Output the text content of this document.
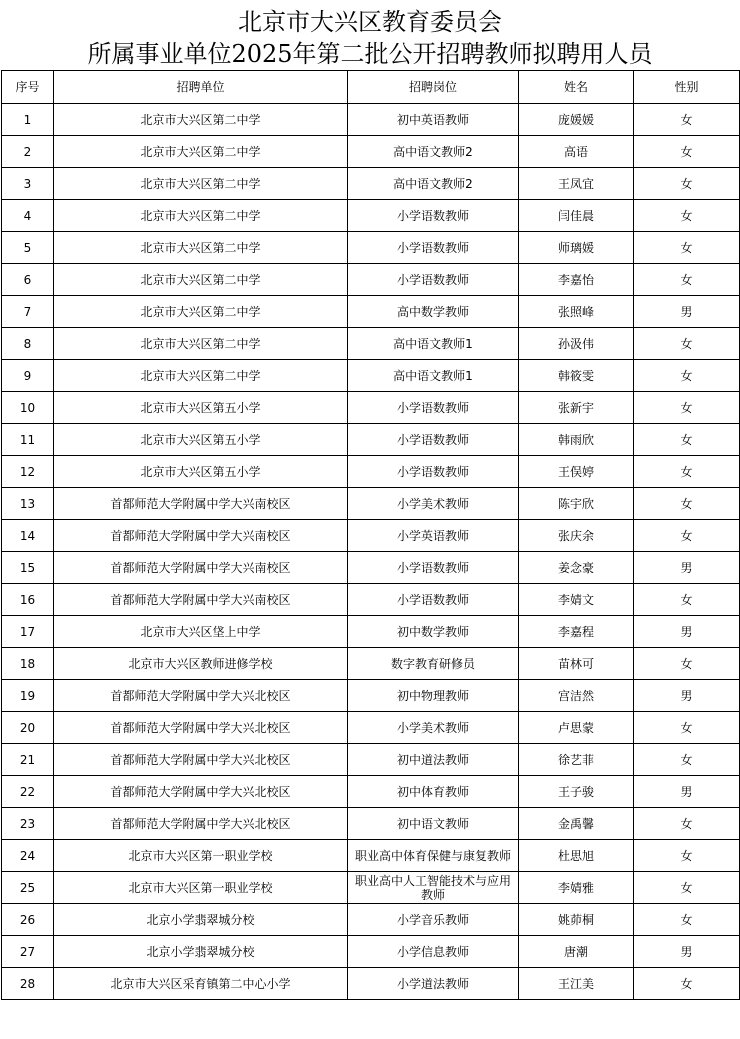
北京市大兴区教育委员会
所属事业单位2025年第二批公开招聘教师拟聘用人员
序号	招聘单位	招聘岗位	姓名	性别
1	北京市大兴区第二中学	初中英语教师	庞媛媛	女
2	北京市大兴区第二中学	高中语文教师2	高语	女
3	北京市大兴区第二中学	高中语文教师2	王凤宜	女
4	北京市大兴区第二中学	小学语数教师	闫佳晨	女
5	北京市大兴区第二中学	小学语数教师	师璃媛	女
6	北京市大兴区第二中学	小学语数教师	李嘉怡	女
7	北京市大兴区第二中学	高中数学教师	张照峰	男
8	北京市大兴区第二中学	高中语文教师1	孙汲伟	女
9	北京市大兴区第二中学	高中语文教师1	韩筱雯	女
10	北京市大兴区第五小学	小学语数教师	张新宇	女
11	北京市大兴区第五小学	小学语数教师	韩雨欣	女
12	北京市大兴区第五小学	小学语数教师	王俣婷	女
13	首都师范大学附属中学大兴南校区	小学美术教师	陈宇欣	女
14	首都师范大学附属中学大兴南校区	小学英语教师	张庆余	女
15	首都师范大学附属中学大兴南校区	小学语数教师	姜念豪	男
16	首都师范大学附属中学大兴南校区	小学语数教师	李婧文	女
17	北京市大兴区垡上中学	初中数学教师	李嘉程	男
18	北京市大兴区教师进修学校	数字教育研修员	苗林可	女
19	首都师范大学附属中学大兴北校区	初中物理教师	宫洁然	男
20	首都师范大学附属中学大兴北校区	小学美术教师	卢思蒙	女
21	首都师范大学附属中学大兴北校区	初中道法教师	徐艺菲	女
22	首都师范大学附属中学大兴北校区	初中体育教师	王子骏	男
23	首都师范大学附属中学大兴北校区	初中语文教师	金禹馨	女
24	北京市大兴区第一职业学校	职业高中体育保健与康复教师	杜思旭	女
25	北京市大兴区第一职业学校	职业高中人工智能技术与应用教师	李婧雅	女
26	北京小学翡翠城分校	小学音乐教师	姚茆桐	女
27	北京小学翡翠城分校	小学信息教师	唐潮	男
28	北京市大兴区采育镇第二中心小学	小学道法教师	王江美	女
